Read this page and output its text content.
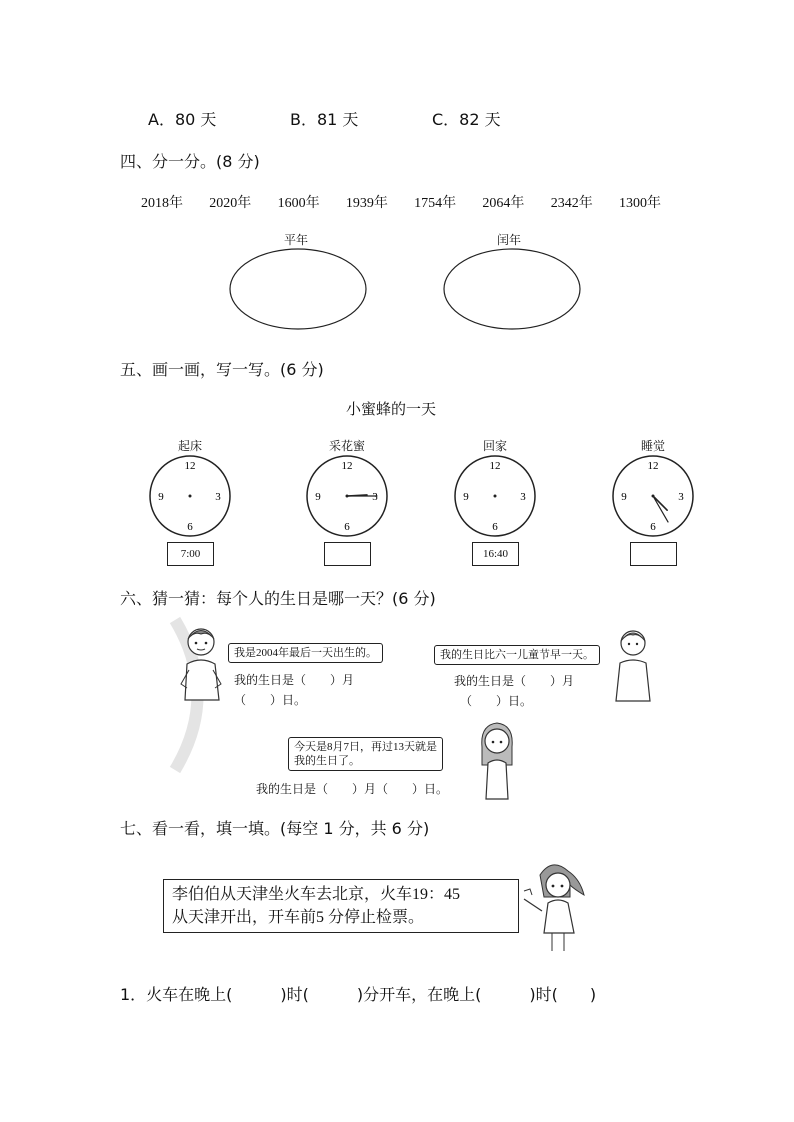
A．80 天	B．81 天	C．82 天
四、分一分。(8 分)
2018年 2020年 1600年 1939年 1754年 2064年 2342年 1300年
平年	闰年
五、画一画，写一写。(6 分)
小蜜蜂的一天
起床
12
3
6
9
7:00
采花蜜
12
3
6
9
回家
12
3
6
9
16:40
睡觉
12
3
6
9
六、猜一猜：每个人的生日是哪一天？(6 分)
我是2004年最后一天出生的。
我的生日是（　　）月
（　　）日。
我的生日比六一儿童节早一天。
我的生日是（　　）月
（　　）日。
今天是8月7日，再过13天就是
我的生日了。
我的生日是（　　）月（　　）日。
七、看一看，填一填。(每空 1 分，共 6 分)
李伯伯从天津坐火车去北京，火车19：45
从天津开出，开车前5 分停止检票。
1．火车在晚上(　　　)时(　　　)分开车，在晚上(　　　)时(　　)
